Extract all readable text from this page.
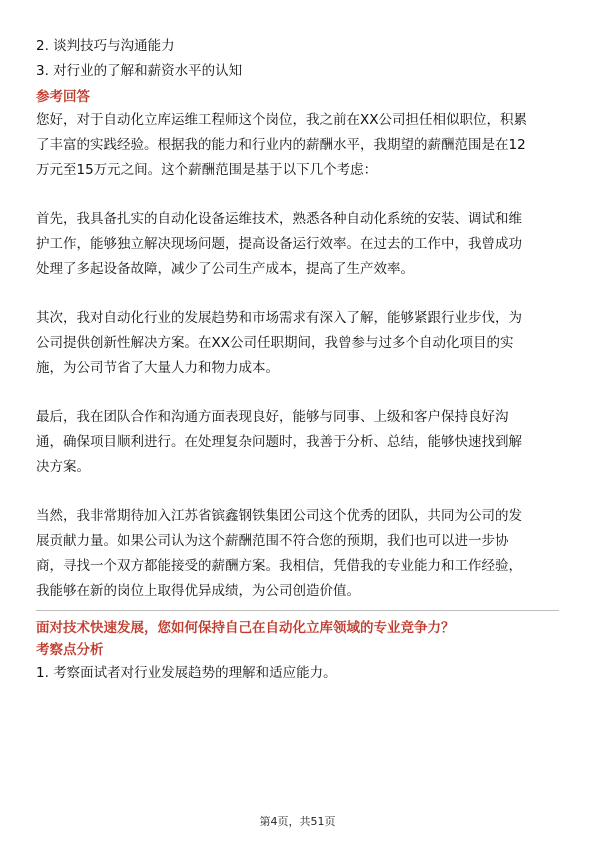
2. 谈判技巧与沟通能力
3. 对行业的了解和薪资水平的认知
参考回答
您好，对于自动化立库运维工程师这个岗位，我之前在XX公司担任相似职位，积累
了丰富的实践经验。根据我的能力和行业内的薪酬水平，我期望的薪酬范围是在12
万元至15万元之间。这个薪酬范围是基于以下几个考虑：
首先，我具备扎实的自动化设备运维技术，熟悉各种自动化系统的安装、调试和维
护工作，能够独立解决现场问题，提高设备运行效率。在过去的工作中，我曾成功
处理了多起设备故障，减少了公司生产成本，提高了生产效率。
其次，我对自动化行业的发展趋势和市场需求有深入了解，能够紧跟行业步伐，为
公司提供创新性解决方案。在XX公司任职期间，我曾参与过多个自动化项目的实
施，为公司节省了大量人力和物力成本。
最后，我在团队合作和沟通方面表现良好，能够与同事、上级和客户保持良好沟
通，确保项目顺利进行。在处理复杂问题时，我善于分析、总结，能够快速找到解
决方案。
当然，我非常期待加入江苏省镔鑫钢铁集团公司这个优秀的团队，共同为公司的发
展贡献力量。如果公司认为这个薪酬范围不符合您的预期，我们也可以进一步协
商，寻找一个双方都能接受的薪酬方案。我相信，凭借我的专业能力和工作经验，
我能够在新的岗位上取得优异成绩，为公司创造价值。
面对技术快速发展，您如何保持自己在自动化立库领域的专业竞争力？
考察点分析
1. 考察面试者对行业发展趋势的理解和适应能力。
第4页，共51页
